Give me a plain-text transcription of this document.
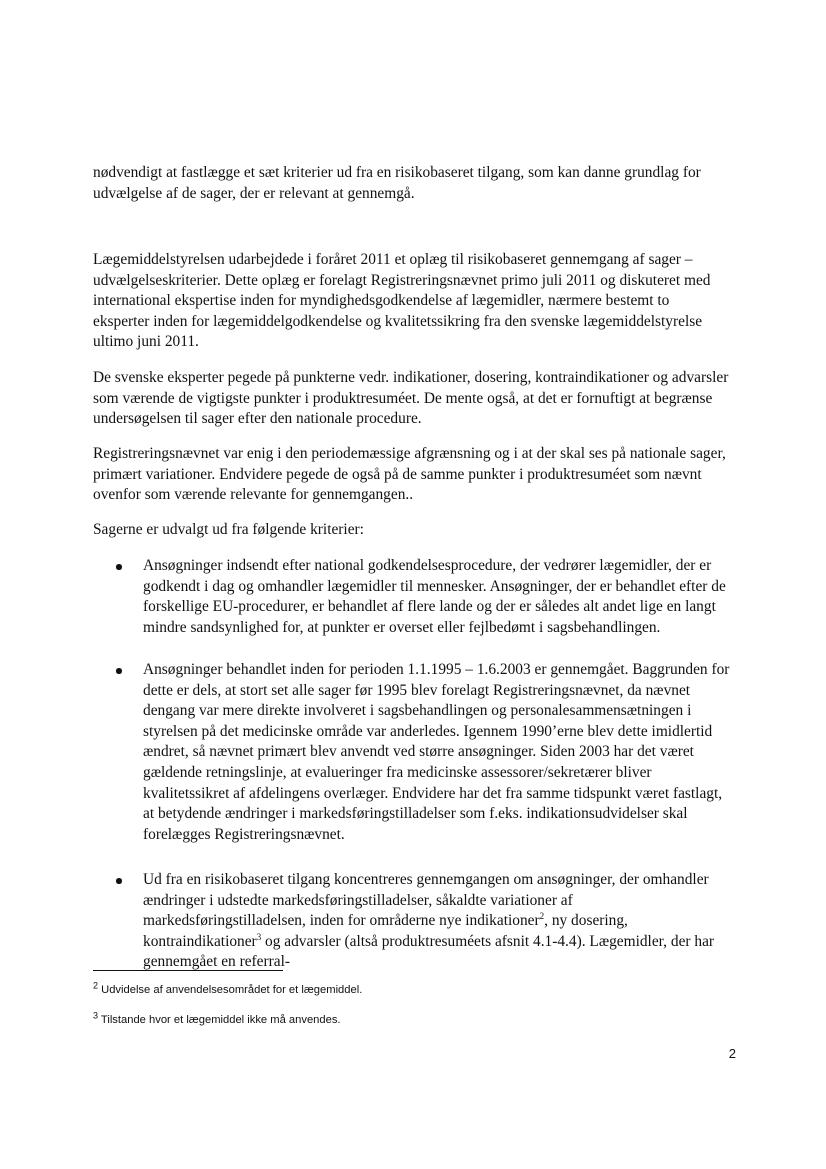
nødvendigt at fastlægge et sæt kriterier ud fra en risikobaseret tilgang, som kan danne grundlag for udvælgelse af de sager, der er relevant at gennemgå.

Lægemiddelstyrelsen udarbejdede i foråret 2011 et oplæg til risikobaseret gennemgang af sager – udvælgelseskriterier. Dette oplæg er forelagt Registreringsnævnet primo juli 2011 og diskuteret med international ekspertise inden for myndighedsgodkendelse af lægemidler, nærmere bestemt to eksperter inden for lægemiddelgodkendelse og kvalitetssikring fra den svenske lægemiddelstyrelse ultimo juni 2011.

De svenske eksperter pegede på punkterne vedr. indikationer, dosering, kontraindikationer og advarsler som værende de vigtigste punkter i produktresuméet. De mente også, at det er fornuftigt at begrænse undersøgelsen til sager efter den nationale procedure.

Registreringsnævnet var enig i den periodemæssige afgrænsning og i at der skal ses på nationale sager, primært variationer. Endvidere pegede de også på de samme punkter i produktresuméet som nævnt ovenfor som værende relevante for gennemgangen..

Sagerne er udvalgt ud fra følgende kriterier:

Ansøgninger indsendt efter national godkendelsesprocedure, der vedrører lægemidler, der er godkendt i dag og omhandler lægemidler til mennesker. Ansøgninger, der er behandlet efter de forskellige EU-procedurer, er behandlet af flere lande og der er således alt andet lige en langt mindre sandsynlighed for, at punkter er overset eller fejlbedømt i sagsbehandlingen.
Ansøgninger behandlet inden for perioden 1.1.1995 – 1.6.2003 er gennemgået. Baggrunden for dette er dels, at stort set alle sager før 1995 blev forelagt Registreringsnævnet, da nævnet dengang var mere direkte involveret i sagsbehandlingen og personalesammensætningen i styrelsen på det medicinske område var anderledes. Igennem 1990’erne blev dette imidlertid ændret, så nævnet primært blev anvendt ved større ansøgninger. Siden 2003 har det været gældende retningslinje, at evalueringer fra medicinske assessorer/sekretærer bliver kvalitetssikret af afdelingens overlæger. Endvidere har det fra samme tidspunkt været fastlagt, at betydende ændringer i markedsføringstilladelser som f.eks. indikationsudvidelser skal forelægges Registreringsnævnet.
Ud fra en risikobaseret tilgang koncentreres gennemgangen om ansøgninger, der omhandler ændringer i udstedte markedsføringstilladelser, såkaldte variationer af markedsføringstilladelsen, inden for områderne nye indikationer$^2$, ny dosering, kontraindikationer$^3$ og advarsler (altså produktresuméets afsnit 4.1-4.4). Lægemidler, der har gennemgået en referral-
$^2$ Udvidelse af anvendelsesområdet for et lægemiddel.
$^3$ Tilstande hvor et lægemiddel ikke må anvendes.
2
